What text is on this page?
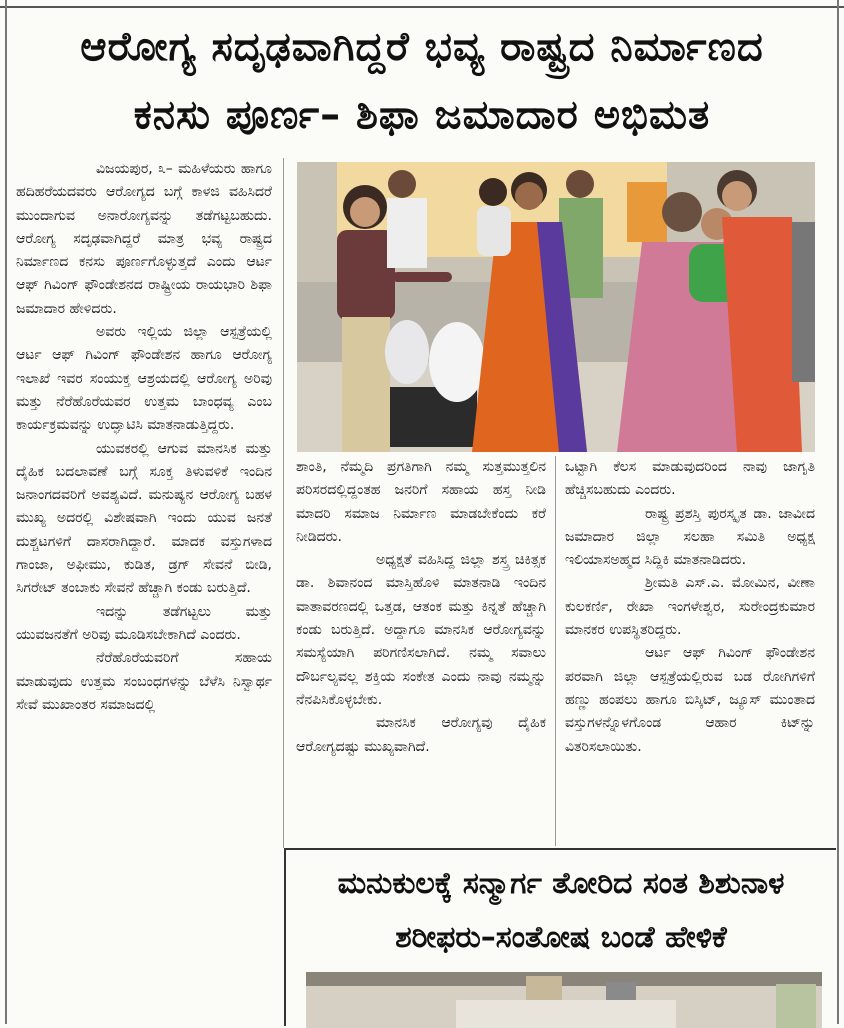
ಆರೋಗ್ಯ ಸದೃಢವಾಗಿದ್ದರೆ ಭವ್ಯ ರಾಷ್ಟ್ರದ ನಿರ್ಮಾಣದ
ಕನಸು ಪೂರ್ಣ– ಶಿಫಾ ಜಮಾದಾರ ಅಭಿಮತ

ವಿಜಯಪುರ, ೩– ಮಹಿಳೆಯರು ಹಾಗೂ ಹದಿಹರೆಯದವರು ಆರೋಗ್ಯದ ಬಗ್ಗೆ ಕಾಳಜಿ ವಹಿಸಿದರೆ ಮುಂದಾಗುವ ಅನಾರೋಗ್ಯವನ್ನು ತಡೆಗಟ್ಟಬಹುದು. ಆರೋಗ್ಯ ಸದೃಢವಾಗಿದ್ದರೆ ಮಾತ್ರ ಭವ್ಯ ರಾಷ್ಟ್ರದ ನಿರ್ಮಾಣದ ಕನಸು ಪೂರ್ಣಗೊಳ್ಳುತ್ತದೆ ಎಂದು ಆರ್ಟ ಆಫ್ ಗಿವಿಂಗ್ ಫೌಂಡೇಶನದ ರಾಷ್ಟ್ರೀಯ ರಾಯಭಾರಿ ಶಿಫಾ ಜಮಾದಾರ ಹೇಳಿದರು.

ಅವರು ಇಲ್ಲಿಯ ಜಿಲ್ಲಾ ಆಸ್ಪತ್ರೆಯಲ್ಲಿ ಆರ್ಟ ಆಫ್ ಗಿವಿಂಗ್ ಫೌಂಡೇಶನ ಹಾಗೂ ಆರೋಗ್ಯ ಇಲಾಖೆ ಇವರ ಸಂಯುಕ್ತ ಆಶ್ರಯದಲ್ಲಿ ಆರೋಗ್ಯ ಅರಿವು ಮತ್ತು ನೆರೆಹೊರೆಯವರ ಉತ್ತಮ ಬಾಂಧವ್ಯ ಎಂಬ ಕಾರ್ಯಕ್ರಮವನ್ನು ಉದ್ಘಾಟಿಸಿ ಮಾತನಾಡುತ್ತಿದ್ದರು.

ಯುವಕರಲ್ಲಿ ಆಗುವ ಮಾನಸಿಕ ಮತ್ತು ದೈಹಿಕ ಬದಲಾವಣೆ ಬಗ್ಗೆ ಸೂಕ್ತ ತಿಳುವಳಿಕೆ ಇಂದಿನ ಜನಾಂಗದವರಿಗೆ ಅವಶ್ಯವಿದೆ. ಮನುಷ್ಯನ ಆರೋಗ್ಯ ಬಹಳ ಮುಖ್ಯ ಅದರಲ್ಲಿ ವಿಶೇಷವಾಗಿ ಇಂದು ಯುವ ಜನತೆ ದುಶ್ಚಟಗಳಿಗೆ ದಾಸರಾಗಿದ್ದಾರೆ. ಮಾದಕ ವಸ್ತುಗಳಾದ ಗಾಂಜಾ, ಅಫೀಮು, ಕುಡಿತ, ಡ್ರಗ್ ಸೇವನೆ ಬೀಡಿ, ಸಿಗರೇಟ್ ತಂಬಾಕು ಸೇವನೆ ಹೆಚ್ಚಾಗಿ ಕಂಡು ಬರುತ್ತಿದೆ.

ಇದನ್ನು ತಡೆಗಟ್ಟಲು ಮತ್ತು ಯುವಜನತೆಗೆ ಅರಿವು ಮೂಡಿಸಬೇಕಾಗಿದೆ ಎಂದರು.

ನೆರೆಹೊರೆಯವರಿಗೆ ಸಹಾಯ ಮಾಡುವುದು ಉತ್ತಮ ಸಂಬಂಧಗಳನ್ನು ಬೆಳೆಸಿ ನಿಸ್ವಾರ್ಥ ಸೇವೆ ಮುಖಾಂತರ ಸಮಾಜದಲ್ಲಿ

ಶಾಂತಿ, ನೆಮ್ಮದಿ ಪ್ರಗತಿಗಾಗಿ ನಮ್ಮ ಸುತ್ತಮುತ್ತಲಿನ ಪರಿಸರದಲ್ಲಿದ್ದಂತಹ ಜನರಿಗೆ ಸಹಾಯ ಹಸ್ತ ನೀಡಿ ಮಾದರಿ ಸಮಾಜ ನಿರ್ಮಾಣ ಮಾಡಬೇಕೆಂದು ಕರೆ ನೀಡಿದರು.

ಅಧ್ಯಕ್ಷತೆ ವಹಿಸಿದ್ದ ಜಿಲ್ಲಾ ಶಸ್ತ್ರ ಚಿಕಿತ್ಸಕ ಡಾ. ಶಿವಾನಂದ ಮಾಸ್ತಿಹೊಳಿ ಮಾತನಾಡಿ ಇಂದಿನ ವಾತಾವರಣದಲ್ಲಿ ಒತ್ತಡ, ಆತಂಕ ಮತ್ತು ಕಿನ್ನತೆ ಹೆಚ್ಚಾಗಿ ಕಂಡು ಬರುತ್ತಿದೆ. ಅದ್ದಾಗೂ ಮಾನಸಿಕ ಆರೋಗ್ಯವನ್ನು ಸಮಸ್ಯೆಯಾಗಿ ಪರಿಗಣಿಸಲಾಗಿದೆ. ನಮ್ಮ ಸವಾಲು ದೌರ್ಬಲ್ಯವಲ್ಲ ಶಕ್ತಿಯ ಸಂಕೇತ ಎಂದು ನಾವು ನಮ್ಮನ್ನು ನೆನಪಿಸಿಕೊಳ್ಳಬೇಕು.

ಮಾನಸಿಕ ಆರೋಗ್ಯವು ದೈಹಿಕ ಆರೋಗ್ಯದಷ್ಟು ಮುಖ್ಯವಾಗಿದೆ.

ಒಟ್ಟಾಗಿ ಕೆಲಸ ಮಾಡುವುದರಿಂದ ನಾವು ಜಾಗೃತಿ ಹೆಚ್ಚಿಸಬಹುದು ಎಂದರು.

ರಾಷ್ಟ್ರ ಪ್ರಶಸ್ತಿ ಪುರಸ್ಕೃತ ಡಾ. ಜಾವೀದ ಜಮಾದಾರ ಜಿಲ್ಲಾ ಸಲಹಾ ಸಮಿತಿ ಅಧ್ಯಕ್ಷ ಇಲಿಯಾಸಅಹ್ಮದ ಸಿದ್ದಿಕಿ ಮಾತನಾಡಿದರು.

ಶ್ರೀಮತಿ ಎಸ್.ಎ. ಮೋಮಿನ, ವೀಣಾ ಕುಲಕರ್ಣಿ, ರೇಖಾ ಇಂಗಳೇಶ್ವರ, ಸುರೇಂದ್ರಕುಮಾರ ಮಾನಕರ ಉಪಸ್ಥಿತರಿದ್ದರು.

ಆರ್ಟ ಆಫ್ ಗಿವಿಂಗ್ ಫೌಂಡೇಶನ ಪರವಾಗಿ ಜಿಲ್ಲಾ ಆಸ್ಪತ್ರೆಯಲ್ಲಿರುವ ಬಡ ರೋಗಿಗಳಿಗೆ ಹಣ್ಣು ಹಂಪಲು ಹಾಗೂ ಬಿಸ್ಕಿಟ್, ಜ್ಯೂಸ್ ಮುಂತಾದ ವಸ್ತುಗಳನ್ನೊಳಗೊಂಡ ಆಹಾರ ಕಿಟ್‌ನ್ನು ವಿತರಿಸಲಾಯಿತು.

ಮನುಕುಲಕ್ಕೆ ಸನ್ಮಾರ್ಗ ತೋರಿದ ಸಂತ ಶಿಶುನಾಳ
ಶರೀಫರು–ಸಂತೋಷ ಬಂಡೆ ಹೇಳಿಕೆ
